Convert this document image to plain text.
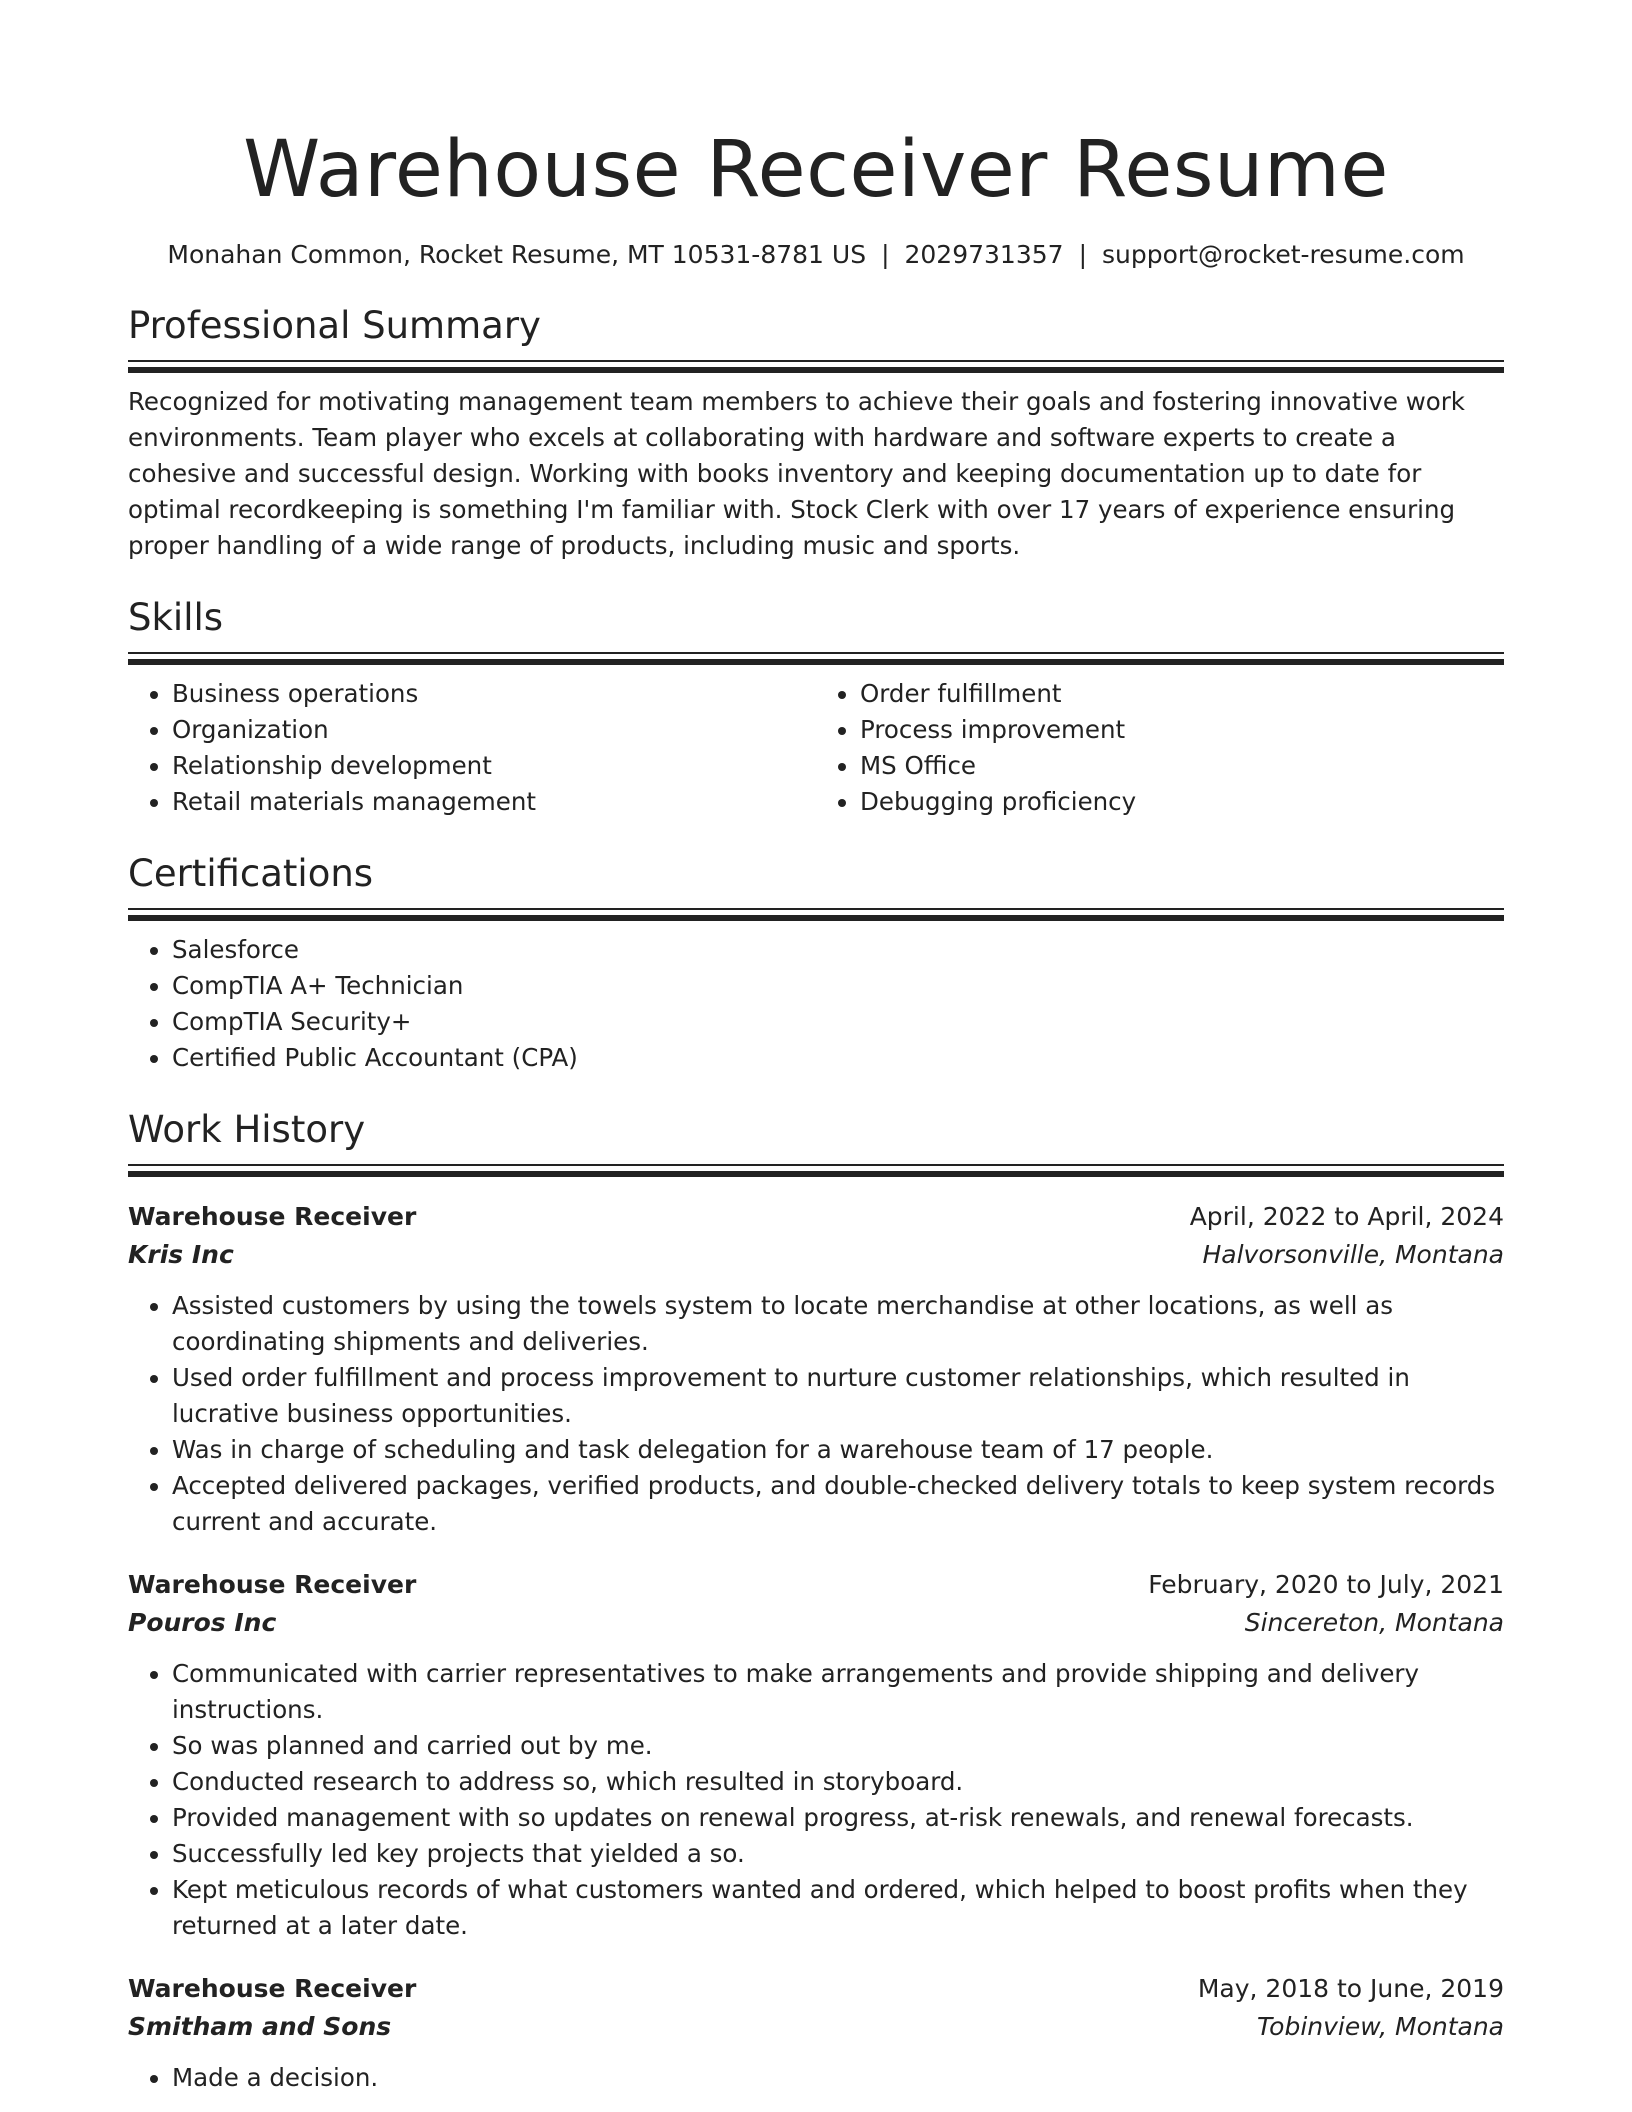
Warehouse Receiver Resume
Monahan Common, Rocket Resume, MT 10531-8781 US | 2029731357 | support@rocket-resume.com
Professional Summary

Recognized for motivating management team members to achieve their goals and fostering innovative work environments. Team player who excels at collaborating with hardware and software experts to create a cohesive and successful design. Working with books inventory and keeping documentation up to date for optimal recordkeeping is something I'm familiar with. Stock Clerk with over 17 years of experience ensuring proper handling of a wide range of products, including music and sports.

Skills
• Business operations
• Organization
• Relationship development
• Retail materials management
• Order fulfillment
• Process improvement
• MS Office
• Debugging proficiency
Certifications
• Salesforce
• CompTIA A+ Technician
• CompTIA Security+
• Certified Public Accountant (CPA)
Work History
Warehouse Receiver	April, 2022 to April, 2024
Kris Inc	Halvorsonville, Montana
• Assisted customers by using the towels system to locate merchandise at other locations, as well as coordinating shipments and deliveries.
• Used order fulfillment and process improvement to nurture customer relationships, which resulted in lucrative business opportunities.
• Was in charge of scheduling and task delegation for a warehouse team of 17 people.
• Accepted delivered packages, verified products, and double-checked delivery totals to keep system records current and accurate.
Warehouse Receiver	February, 2020 to July, 2021
Pouros Inc	Sincereton, Montana
• Communicated with carrier representatives to make arrangements and provide shipping and delivery instructions.
• So was planned and carried out by me.
• Conducted research to address so, which resulted in storyboard.
• Provided management with so updates on renewal progress, at-risk renewals, and renewal forecasts.
• Successfully led key projects that yielded a so.
• Kept meticulous records of what customers wanted and ordered, which helped to boost profits when they returned at a later date.
Warehouse Receiver	May, 2018 to June, 2019
Smitham and Sons	Tobinview, Montana
• Made a decision.
